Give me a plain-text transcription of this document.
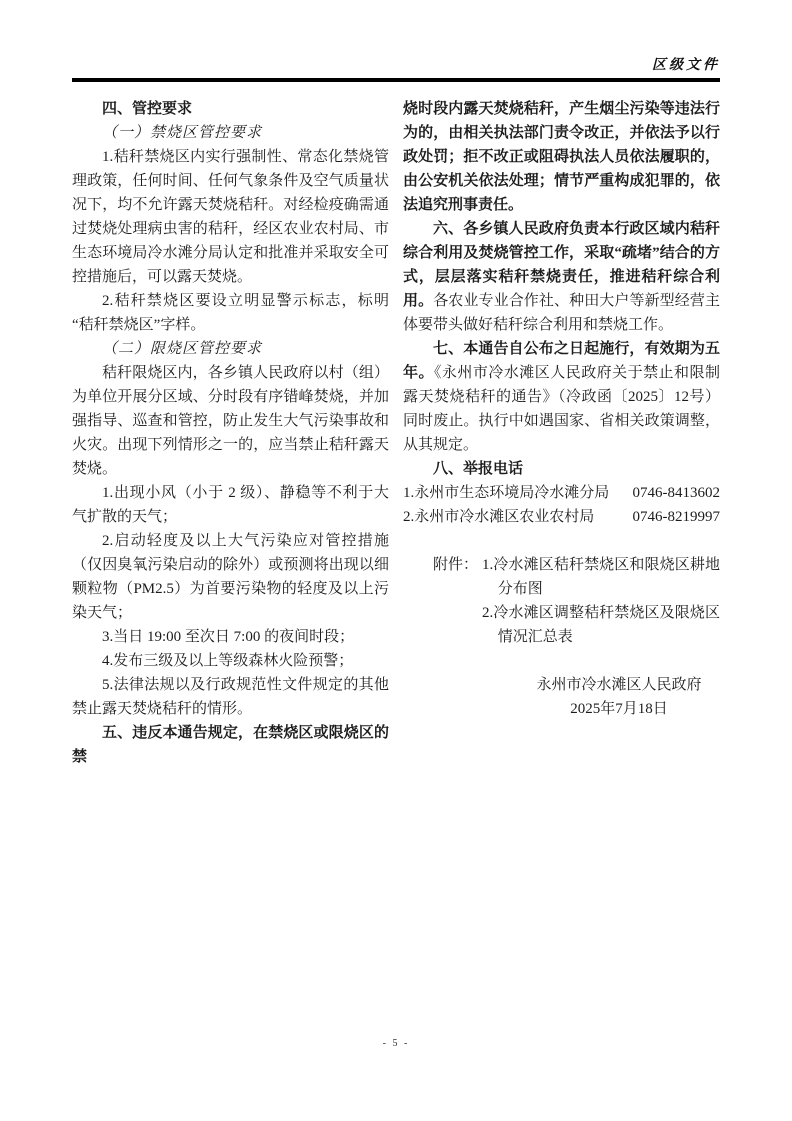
区级文件

四、管控要求

（一）禁烧区管控要求

1.秸秆禁烧区内实行强制性、常态化禁烧管理政策，任何时间、任何气象条件及空气质量状况下，均不允许露天焚烧秸秆。对经检疫确需通过焚烧处理病虫害的秸秆，经区农业农村局、市生态环境局冷水滩分局认定和批准并采取安全可控措施后，可以露天焚烧。

2.秸秆禁烧区要设立明显警示标志，标明“秸秆禁烧区”字样。

（二）限烧区管控要求

秸秆限烧区内，各乡镇人民政府以村（组）为单位开展分区域、分时段有序错峰焚烧，并加强指导、巡查和管控，防止发生大气污染事故和火灾。出现下列情形之一的，应当禁止秸秆露天焚烧。

1.出现小风（小于 2 级）、静稳等不利于大气扩散的天气；

2.启动轻度及以上大气污染应对管控措施（仅因臭氧污染启动的除外）或预测将出现以细颗粒物（PM2.5）为首要污染物的轻度及以上污染天气；

3.当日 19:00 至次日 7:00 的夜间时段；

4.发布三级及以上等级森林火险预警；

5.法律法规以及行政规范性文件规定的其他禁止露天焚烧秸秆的情形。

五、违反本通告规定，在禁烧区或限烧区的禁

烧时段内露天焚烧秸秆，产生烟尘污染等违法行为的，由相关执法部门责令改正，并依法予以行政处罚；拒不改正或阻碍执法人员依法履职的，由公安机关依法处理；情节严重构成犯罪的，依法追究刑事责任。

六、各乡镇人民政府负责本行政区域内秸秆综合利用及焚烧管控工作，采取“疏堵”结合的方式，层层落实秸秆禁烧责任，推进秸秆综合利用。各农业专业合作社、种田大户等新型经营主体要带头做好秸秆综合利用和禁烧工作。

七、本通告自公布之日起施行，有效期为五年。《永州市冷水滩区人民政府关于禁止和限制露天焚烧秸秆的通告》（冷政函〔2025〕12号）同时废止。执行中如遇国家、省相关政策调整，从其规定。

八、举报电话

1.永州市生态环境局冷水滩分局 0746-8413602
2.永州市冷水滩区农业农村局	0746-8219997
附件： 1.冷水滩区秸秆禁烧区和限烧区耕地分布图

2.冷水滩区调整秸秆禁烧区及限烧区情况汇总表

永州市冷水滩区人民政府
2025年7月18日
- 5 -
